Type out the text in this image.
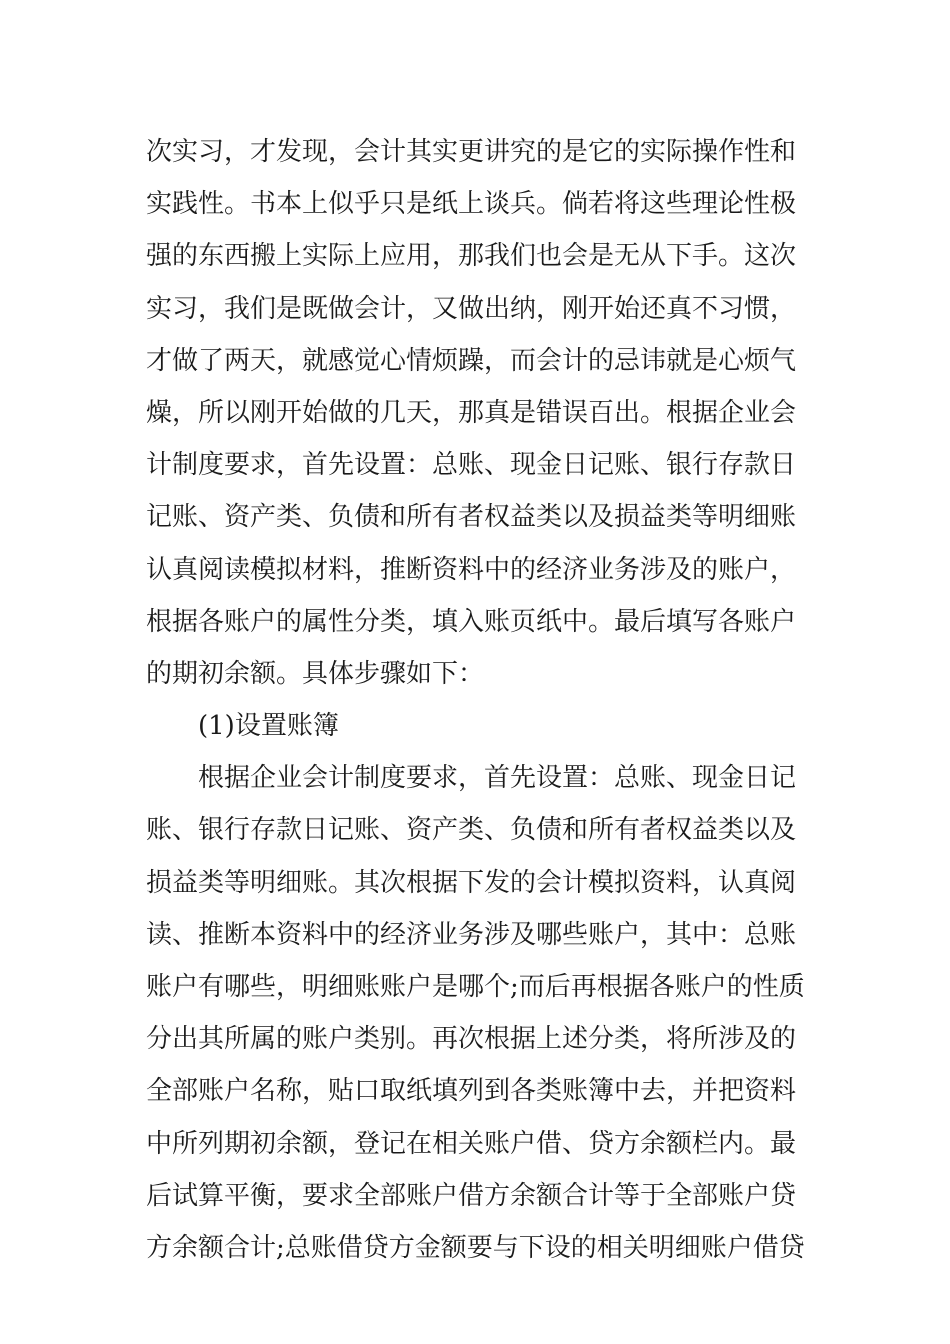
次实习，才发现，会计其实更讲究的是它的实际操作性和
实践性。书本上似乎只是纸上谈兵。倘若将这些理论性极
强的东西搬上实际上应用，那我们也会是无从下手。这次
实习，我们是既做会计，又做出纳，刚开始还真不习惯，
才做了两天，就感觉心情烦躁，而会计的忌讳就是心烦气
燥，所以刚开始做的几天，那真是错误百出。根据企业会
计制度要求，首先设置：总账、现金日记账、银行存款日
记账、资产类、负债和所有者权益类以及损益类等明细账
认真阅读模拟材料，推断资料中的经济业务涉及的账户，
根据各账户的属性分类，填入账页纸中。最后填写各账户
的期初余额。具体步骤如下：
(1)设置账簿
根据企业会计制度要求，首先设置：总账、现金日记
账、银行存款日记账、资产类、负债和所有者权益类以及
损益类等明细账。其次根据下发的会计模拟资料，认真阅
读、推断本资料中的经济业务涉及哪些账户，其中：总账
账户有哪些，明细账账户是哪个;而后再根据各账户的性质
分出其所属的账户类别。再次根据上述分类，将所涉及的
全部账户名称，贴口取纸填列到各类账簿中去，并把资料
中所列期初余额，登记在相关账户借、贷方余额栏内。最
后试算平衡，要求全部账户借方余额合计等于全部账户贷
方余额合计;总账借贷方金额要与下设的相关明细账户借贷
